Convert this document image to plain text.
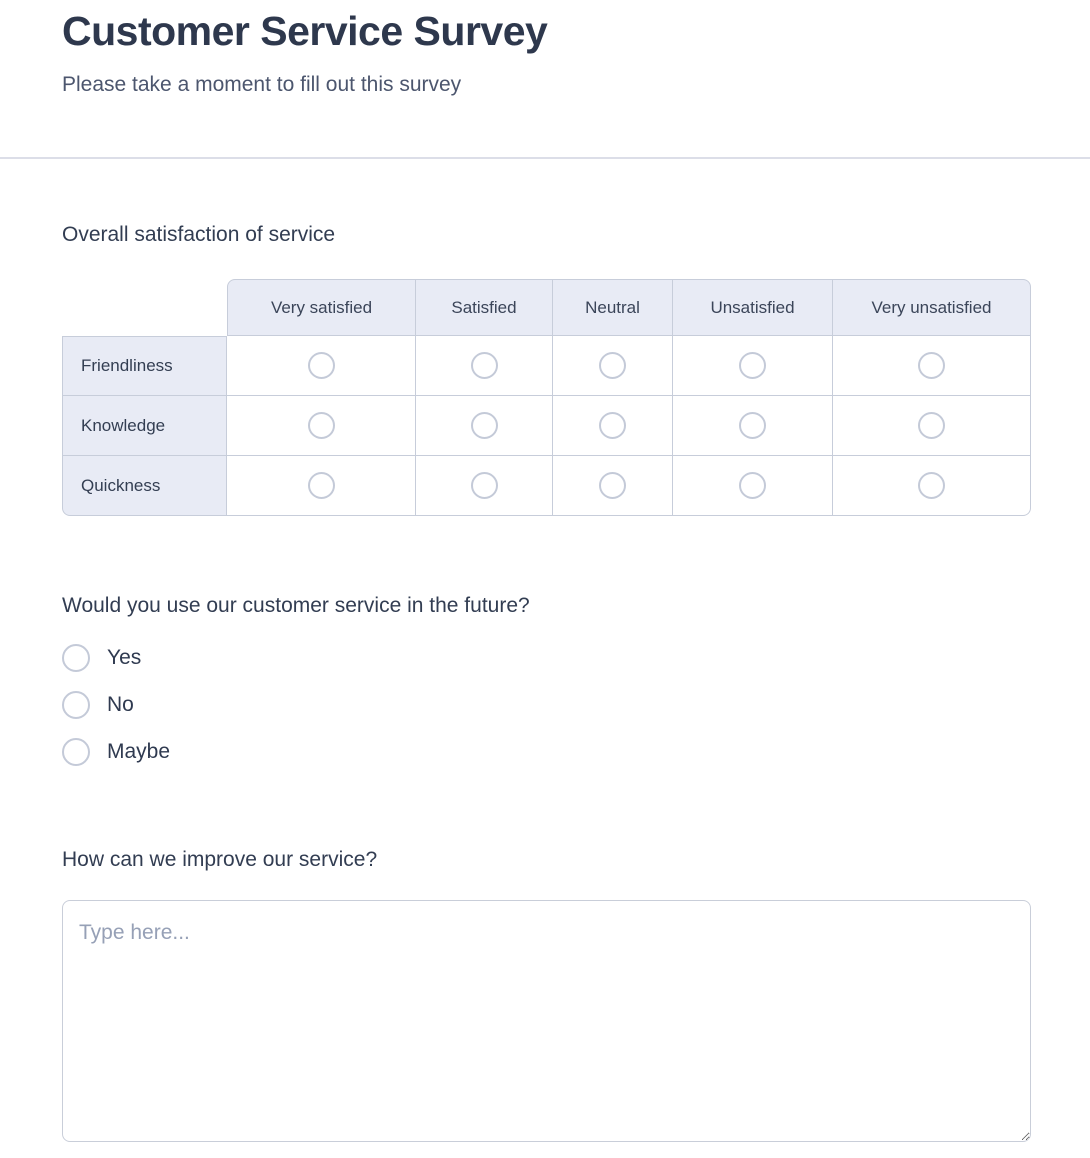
Customer Service Survey

Please take a moment to fill out this survey

Overall satisfaction of service
	Very satisfied	Satisfied	Neutral	Unsatisfied	Very unsatisfied
Friendliness					
Knowledge					
Quickness					
Would you use our customer service in the future?
Yes
No
Maybe
How can we improve our service?
Type here...
